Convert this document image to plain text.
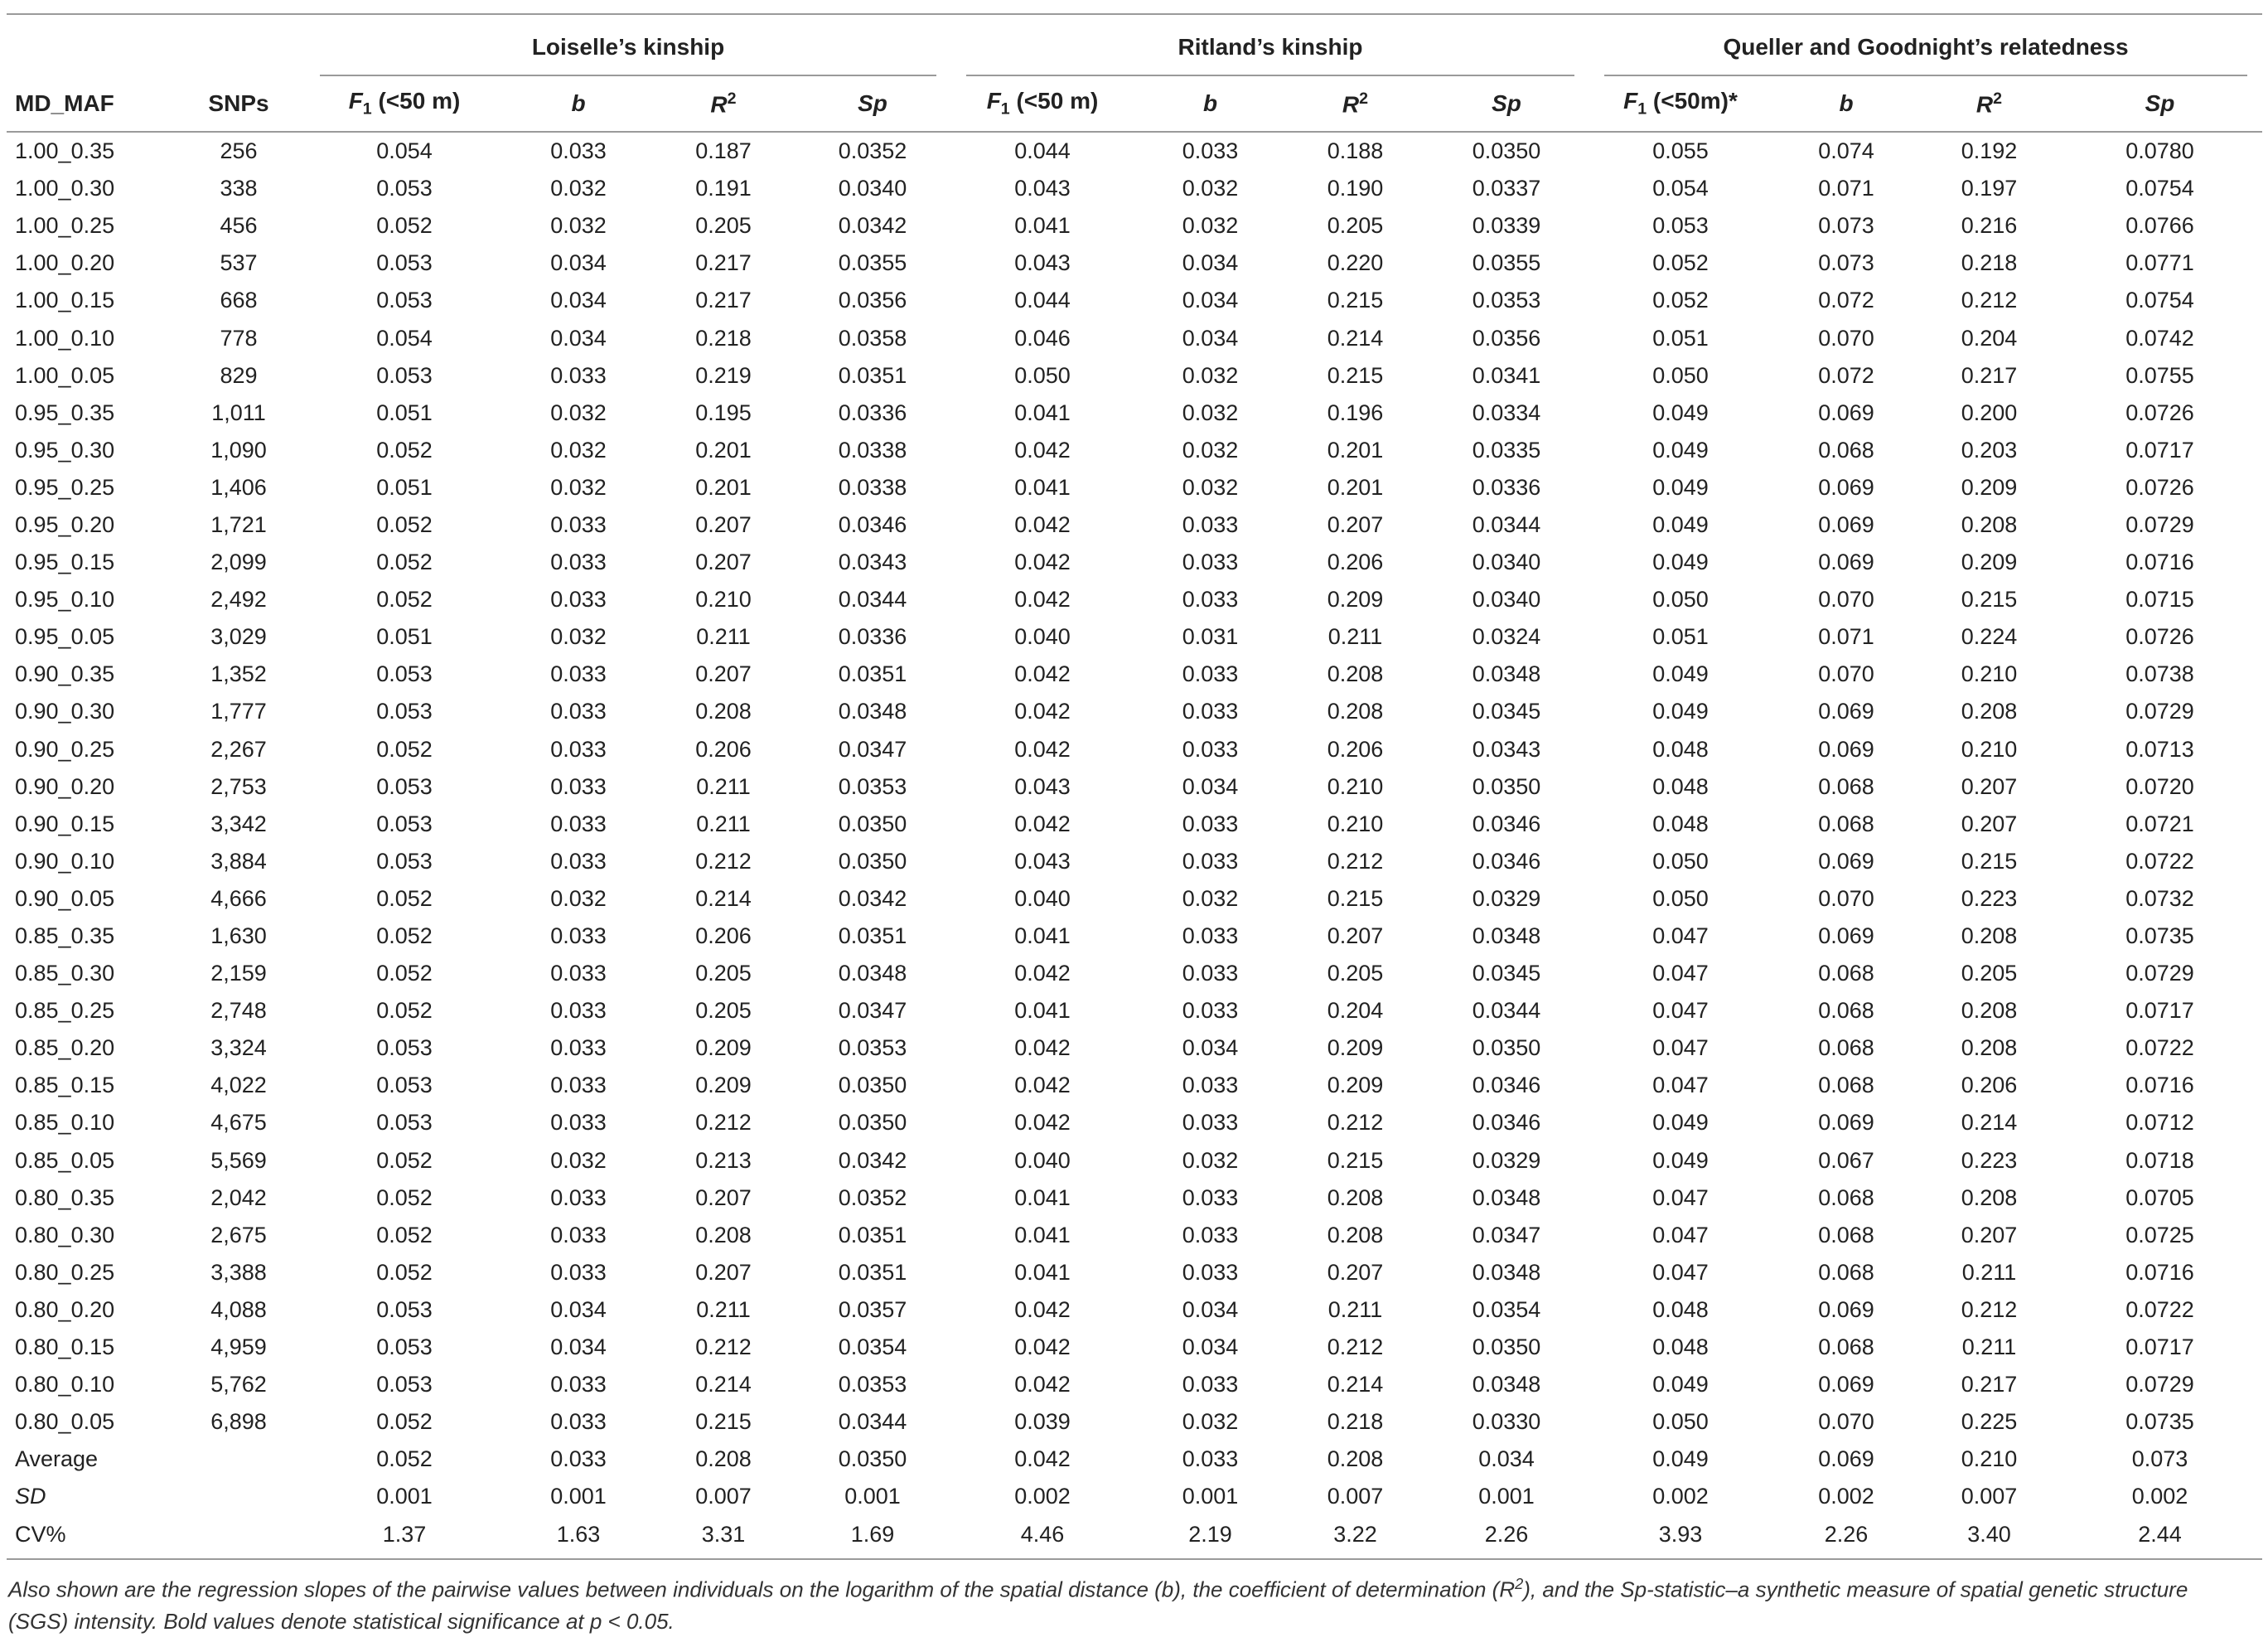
		Loiselle’s kinship				Ritland’s kinship				Queller and Goodnight’s relatedness			

MD_MAF	SNPs	$F_1$ (<50 m)	b	$R^2$	Sp	$F_1$ (<50 m)	b	$R^2$	Sp	$F_1$ (<50m)*	b	$R^2$	Sp
1.00_0.35	256	0.054	0.033	0.187	0.0352	0.044	0.033	0.188	0.0350	0.055	0.074	0.192	0.0780
1.00_0.30	338	0.053	0.032	0.191	0.0340	0.043	0.032	0.190	0.0337	0.054	0.071	0.197	0.0754
1.00_0.25	456	0.052	0.032	0.205	0.0342	0.041	0.032	0.205	0.0339	0.053	0.073	0.216	0.0766
1.00_0.20	537	0.053	0.034	0.217	0.0355	0.043	0.034	0.220	0.0355	0.052	0.073	0.218	0.0771
1.00_0.15	668	0.053	0.034	0.217	0.0356	0.044	0.034	0.215	0.0353	0.052	0.072	0.212	0.0754
1.00_0.10	778	0.054	0.034	0.218	0.0358	0.046	0.034	0.214	0.0356	0.051	0.070	0.204	0.0742
1.00_0.05	829	0.053	0.033	0.219	0.0351	0.050	0.032	0.215	0.0341	0.050	0.072	0.217	0.0755
0.95_0.35	1,011	0.051	0.032	0.195	0.0336	0.041	0.032	0.196	0.0334	0.049	0.069	0.200	0.0726
0.95_0.30	1,090	0.052	0.032	0.201	0.0338	0.042	0.032	0.201	0.0335	0.049	0.068	0.203	0.0717
0.95_0.25	1,406	0.051	0.032	0.201	0.0338	0.041	0.032	0.201	0.0336	0.049	0.069	0.209	0.0726
0.95_0.20	1,721	0.052	0.033	0.207	0.0346	0.042	0.033	0.207	0.0344	0.049	0.069	0.208	0.0729
0.95_0.15	2,099	0.052	0.033	0.207	0.0343	0.042	0.033	0.206	0.0340	0.049	0.069	0.209	0.0716
0.95_0.10	2,492	0.052	0.033	0.210	0.0344	0.042	0.033	0.209	0.0340	0.050	0.070	0.215	0.0715
0.95_0.05	3,029	0.051	0.032	0.211	0.0336	0.040	0.031	0.211	0.0324	0.051	0.071	0.224	0.0726
0.90_0.35	1,352	0.053	0.033	0.207	0.0351	0.042	0.033	0.208	0.0348	0.049	0.070	0.210	0.0738
0.90_0.30	1,777	0.053	0.033	0.208	0.0348	0.042	0.033	0.208	0.0345	0.049	0.069	0.208	0.0729
0.90_0.25	2,267	0.052	0.033	0.206	0.0347	0.042	0.033	0.206	0.0343	0.048	0.069	0.210	0.0713
0.90_0.20	2,753	0.053	0.033	0.211	0.0353	0.043	0.034	0.210	0.0350	0.048	0.068	0.207	0.0720
0.90_0.15	3,342	0.053	0.033	0.211	0.0350	0.042	0.033	0.210	0.0346	0.048	0.068	0.207	0.0721
0.90_0.10	3,884	0.053	0.033	0.212	0.0350	0.043	0.033	0.212	0.0346	0.050	0.069	0.215	0.0722
0.90_0.05	4,666	0.052	0.032	0.214	0.0342	0.040	0.032	0.215	0.0329	0.050	0.070	0.223	0.0732
0.85_0.35	1,630	0.052	0.033	0.206	0.0351	0.041	0.033	0.207	0.0348	0.047	0.069	0.208	0.0735
0.85_0.30	2,159	0.052	0.033	0.205	0.0348	0.042	0.033	0.205	0.0345	0.047	0.068	0.205	0.0729
0.85_0.25	2,748	0.052	0.033	0.205	0.0347	0.041	0.033	0.204	0.0344	0.047	0.068	0.208	0.0717
0.85_0.20	3,324	0.053	0.033	0.209	0.0353	0.042	0.034	0.209	0.0350	0.047	0.068	0.208	0.0722
0.85_0.15	4,022	0.053	0.033	0.209	0.0350	0.042	0.033	0.209	0.0346	0.047	0.068	0.206	0.0716
0.85_0.10	4,675	0.053	0.033	0.212	0.0350	0.042	0.033	0.212	0.0346	0.049	0.069	0.214	0.0712
0.85_0.05	5,569	0.052	0.032	0.213	0.0342	0.040	0.032	0.215	0.0329	0.049	0.067	0.223	0.0718
0.80_0.35	2,042	0.052	0.033	0.207	0.0352	0.041	0.033	0.208	0.0348	0.047	0.068	0.208	0.0705
0.80_0.30	2,675	0.052	0.033	0.208	0.0351	0.041	0.033	0.208	0.0347	0.047	0.068	0.207	0.0725
0.80_0.25	3,388	0.052	0.033	0.207	0.0351	0.041	0.033	0.207	0.0348	0.047	0.068	0.211	0.0716
0.80_0.20	4,088	0.053	0.034	0.211	0.0357	0.042	0.034	0.211	0.0354	0.048	0.069	0.212	0.0722
0.80_0.15	4,959	0.053	0.034	0.212	0.0354	0.042	0.034	0.212	0.0350	0.048	0.068	0.211	0.0717
0.80_0.10	5,762	0.053	0.033	0.214	0.0353	0.042	0.033	0.214	0.0348	0.049	0.069	0.217	0.0729
0.80_0.05	6,898	0.052	0.033	0.215	0.0344	0.039	0.032	0.218	0.0330	0.050	0.070	0.225	0.0735
Average		0.052	0.033	0.208	0.0350	0.042	0.033	0.208	0.034	0.049	0.069	0.210	0.073
SD		0.001	0.001	0.007	0.001	0.002	0.001	0.007	0.001	0.002	0.002	0.007	0.002
CV%		1.37	1.63	3.31	1.69	4.46	2.19	3.22	2.26	3.93	2.26	3.40	2.44
Also shown are the regression slopes of the pairwise values between individuals on the logarithm of the spatial distance (b), the coefficient of determination $(R^2)$, and the Sp-statistic–a synthetic measure of spatial genetic structure (SGS) intensity. Bold values denote statistical significance at p < 0.05.
